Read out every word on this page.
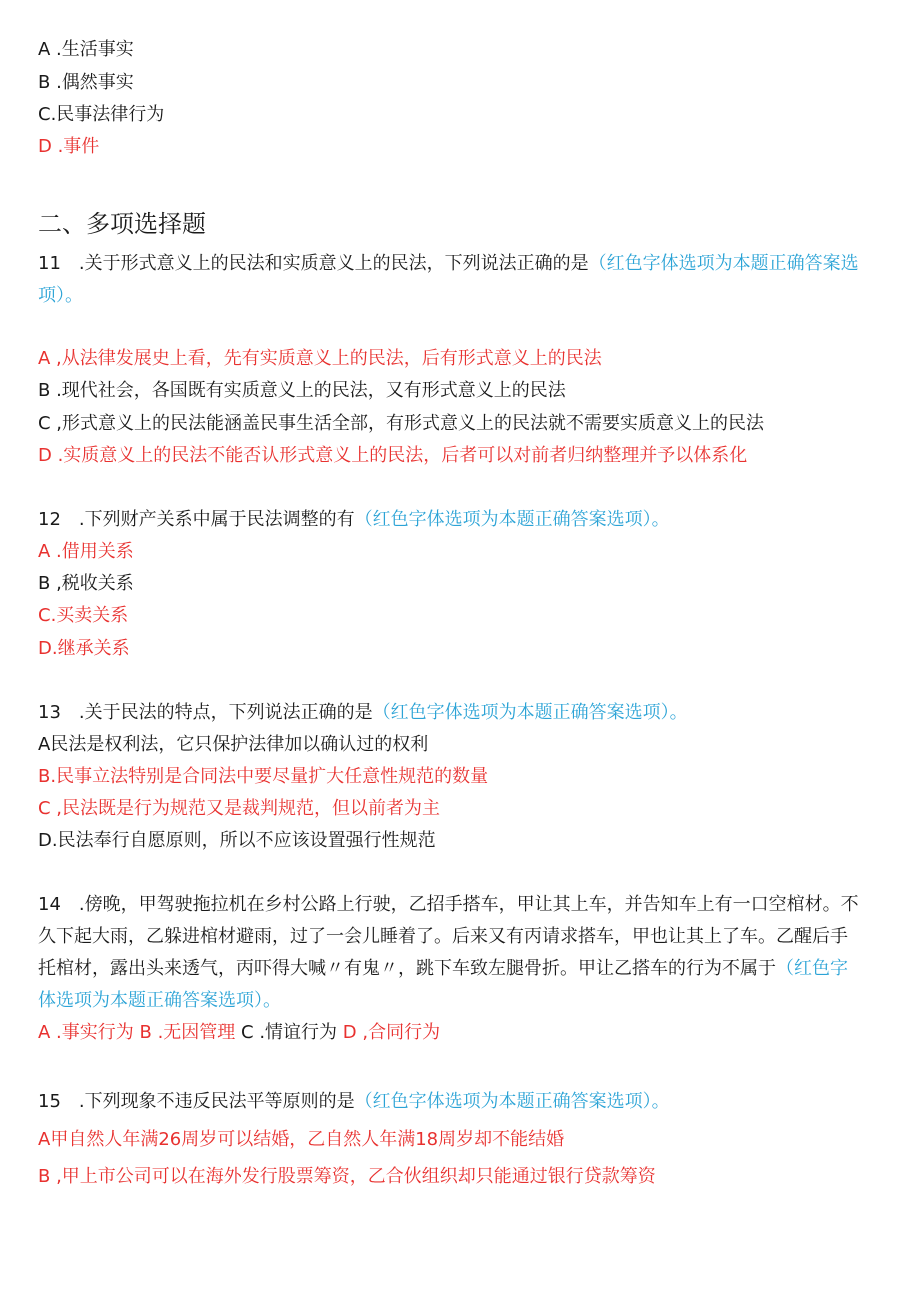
A .生活事实
B .偶然事实
C.民事法律行为
D .事件
二、多项选择题
11　.关于形式意义上的民法和实质意义上的民法，下列说法正确的是（红色字体选项为本题正确答案选
项）。
A ,从法律发展史上看，先有实质意义上的民法，后有形式意义上的民法
B .现代社会，各国既有实质意义上的民法，又有形式意义上的民法
C ,形式意义上的民法能涵盖民事生活全部，有形式意义上的民法就不需要实质意义上的民法
D .实质意义上的民法不能否认形式意义上的民法，后者可以对前者归纳整理并予以体系化
12　.下列财产关系中属于民法调整的有（红色字体选项为本题正确答案选项）。
A .借用关系
B ,税收关系
C.买卖关系
D.继承关系
13　.关于民法的特点，下列说法正确的是（红色字体选项为本题正确答案选项）。
A民法是权利法，它只保护法律加以确认过的权利
B.民事立法特别是合同法中要尽量扩大任意性规范的数量
C ,民法既是行为规范又是裁判规范，但以前者为主
D.民法奉行自愿原则，所以不应该设置强行性规范
14　.傍晚，甲驾驶拖拉机在乡村公路上行驶，乙招手搭车，甲让其上车，并告知车上有一口空棺材。不
久下起大雨，乙躲进棺材避雨，过了一会儿睡着了。后来又有丙请求搭车，甲也让其上了车。乙醒后手
托棺材，露出头来透气，丙吓得大喊〃有鬼〃，跳下车致左腿骨折。甲让乙搭车的行为不属于（红色字
体选项为本题正确答案选项）。
A .事实行为 B .无因管理 C .情谊行为 D ,合同行为
15　.下列现象不违反民法平等原则的是（红色字体选项为本题正确答案选项）。
A甲自然人年满26周岁可以结婚，乙自然人年满18周岁却不能结婚
B ,甲上市公司可以在海外发行股票筹资，乙合伙组织却只能通过银行贷款筹资
